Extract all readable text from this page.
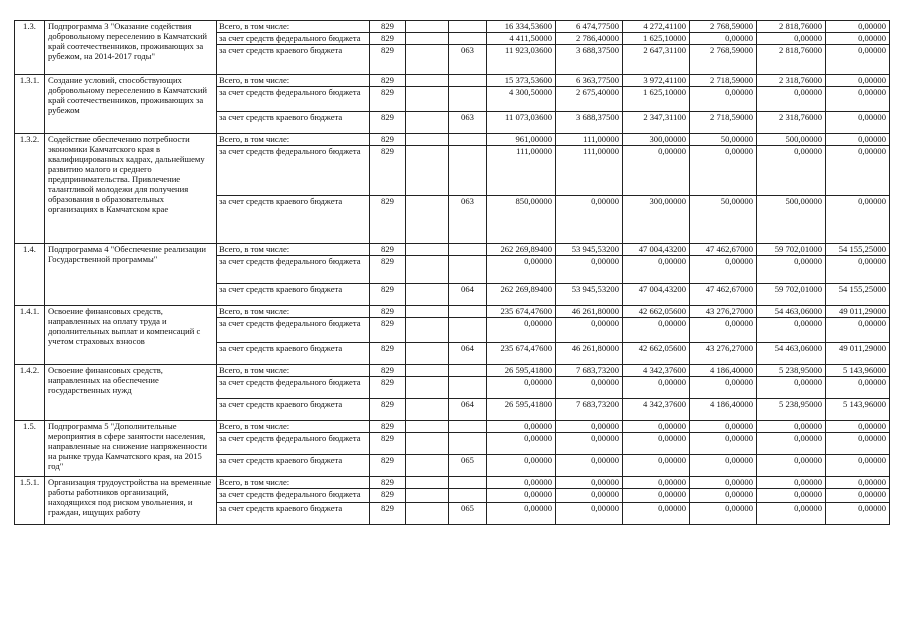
1.3.	Подпрограмма 3 "Оказание содействия добровольному переселению в Камчатский край соотечественников, проживающих за рубежом, на 2014-2017 годы"	Всего, в том числе:	829			16 334,53600	6 474,77500	4 272,41100	2 768,59000	2 818,76000	0,00000
		за счет средств федерального бюджета	829			4 411,50000	2 786,40000	1 625,10000	0,00000	0,00000	0,00000
		за счет средств краевого бюджета	829		063	11 923,03600	3 688,37500	2 647,31100	2 768,59000	2 818,76000	0,00000
1.3.1.	Создание условий, способствующих добровольному переселению в Камчатский край соотечественников, проживающих за рубежом	Всего, в том числе:	829			15 373,53600	6 363,77500	3 972,41100	2 718,59000	2 318,76000	0,00000
		за счет средств федерального бюджета	829			4 300,50000	2 675,40000	1 625,10000	0,00000	0,00000	0,00000
		за счет средств краевого бюджета	829		063	11 073,03600	3 688,37500	2 347,31100	2 718,59000	2 318,76000	0,00000
1.3.2.	Содействие обеспечению потребности экономики Камчатского края в квалифицированных кадрах, дальнейшему развитию малого и среднего предпринимательства. Привлечение талантливой молодежи для получения образования в образовательных организациях в Камчатском крае	Всего, в том числе:	829			961,00000	111,00000	300,00000	50,00000	500,00000	0,00000
		за счет средств федерального бюджета	829			111,00000	111,00000	0,00000	0,00000	0,00000	0,00000
		за счет средств краевого бюджета	829		063	850,00000	0,00000	300,00000	50,00000	500,00000	0,00000
1.4.	Подпрограмма 4 "Обеспечение реализации Государственной программы"	Всего, в том числе:	829			262 269,89400	53 945,53200	47 004,43200	47 462,67000	59 702,01000	54 155,25000
		за счет средств федерального бюджета	829			0,00000	0,00000	0,00000	0,00000	0,00000	0,00000
		за счет средств краевого бюджета	829		064	262 269,89400	53 945,53200	47 004,43200	47 462,67000	59 702,01000	54 155,25000
1.4.1.	Освоение финансовых средств, направленных на оплату труда и дополнительных выплат и компенсаций с учетом страховых взносов	Всего, в том числе:	829			235 674,47600	46 261,80000	42 662,05600	43 276,27000	54 463,06000	49 011,29000
		за счет средств федерального бюджета	829			0,00000	0,00000	0,00000	0,00000	0,00000	0,00000
		за счет средств краевого бюджета	829		064	235 674,47600	46 261,80000	42 662,05600	43 276,27000	54 463,06000	49 011,29000
1.4.2.	Освоение финансовых средств, направленных на обеспечение государственных нужд	Всего, в том числе:	829			26 595,41800	7 683,73200	4 342,37600	4 186,40000	5 238,95000	5 143,96000
		за счет средств федерального бюджета	829			0,00000	0,00000	0,00000	0,00000	0,00000	0,00000
		за счет средств краевого бюджета	829		064	26 595,41800	7 683,73200	4 342,37600	4 186,40000	5 238,95000	5 143,96000
1.5.	Подпрограмма 5 "Дополнительные мероприятия в сфере занятости населения, направленные на снижение напряженности на рынке труда Камчатского края, на 2015 год"	Всего, в том числе:	829			0,00000	0,00000	0,00000	0,00000	0,00000	0,00000
		за счет средств федерального бюджета	829			0,00000	0,00000	0,00000	0,00000	0,00000	0,00000
		за счет средств краевого бюджета	829		065	0,00000	0,00000	0,00000	0,00000	0,00000	0,00000
1.5.1.	Организация трудоустройства на временные работы работников организаций, находящихся под риском увольнения, и граждан, ищущих работу	Всего, в том числе:	829			0,00000	0,00000	0,00000	0,00000	0,00000	0,00000
		за счет средств федерального бюджета	829			0,00000	0,00000	0,00000	0,00000	0,00000	0,00000
		за счет средств краевого бюджета	829		065	0,00000	0,00000	0,00000	0,00000	0,00000	0,00000
